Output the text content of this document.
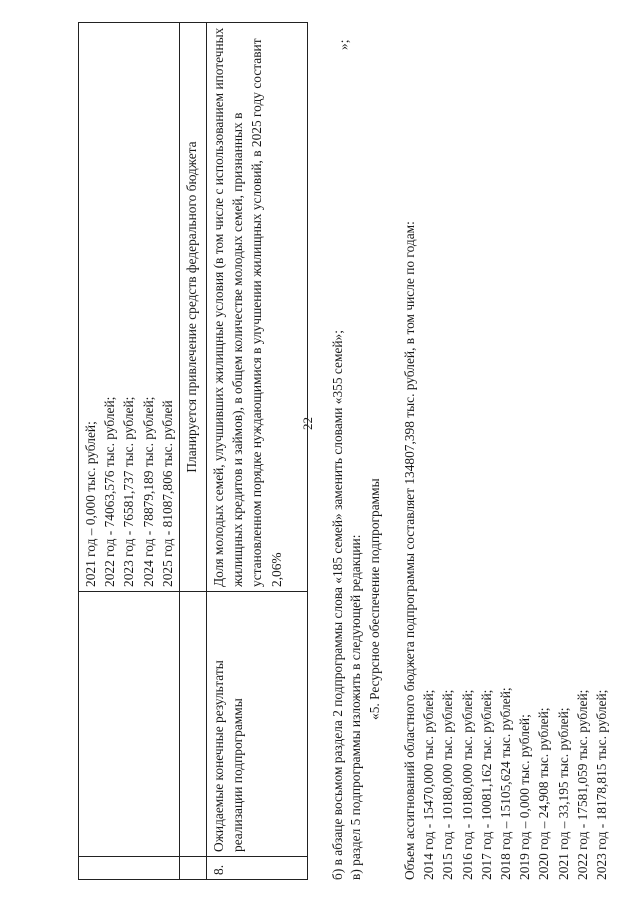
22

		2021 год – 0,000 тыс. рублей; 2022 год - 74063,576 тыс. рублей; 2023 год - 76581,737 тыс. рублей; 2024 год - 78879,189 тыс. рублей; 2025 год - 81087,806 тыс. рублей

		Планируется привлечение средств федерального бюджета
8.	Ожидаемые конечные результаты реализации подпрограммы	Доля молодых семей, улучшивших жилищные условия (в том числе с использованием ипотечных жилищных кредитов и займов), в общем количестве молодых семей, признанных в установленном порядке нуждающимися в улучшении жилищных условий, в 2025 году составит 2,06%
»;
б) в абзаце восьмом раздела 2 подпрограммы слова «185 семей» заменить словами «355 семей»; в) раздел 5 подпрограммы изложить в следующей редакции: «5. Ресурсное обеспечение подпрограммы Объем ассигнований областного бюджета подпрограммы составляет 134807,398 тыс. рублей, в том числе по годам: 2014 год - 15470,000 тыс. рублей; 2015 год - 10180,000 тыс. рублей; 2016 год - 10180,000 тыс. рублей; 2017 год - 10081,162 тыс. рублей; 2018 год – 15105,624 тыс. рублей; 2019 год – 0,000 тыс. рублей; 2020 год – 24,908 тыс. рублей; 2021 год – 33,195 тыс. рублей; 2022 год - 17581,059 тыс. рублей; 2023 год - 18178,815 тыс. рублей;
